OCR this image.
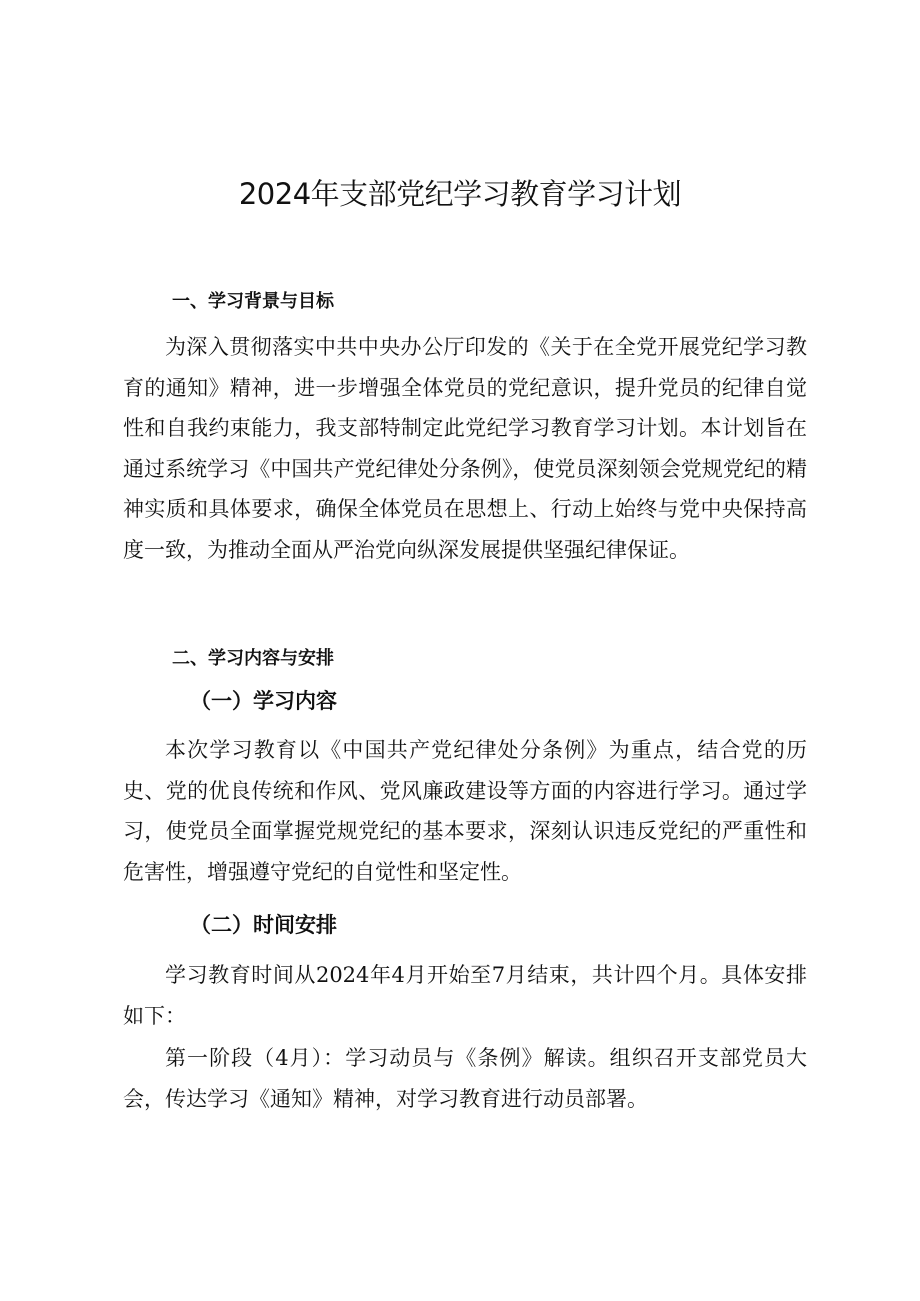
2024年支部党纪学习教育学习计划
一、学习背景与目标

为深入贯彻落实中共中央办公厅印发的《关于在全党开展党纪学习教育的通知》精神，进一步增强全体党员的党纪意识，提升党员的纪律自觉性和自我约束能力，我支部特制定此党纪学习教育学习计划。本计划旨在通过系统学习《中国共产党纪律处分条例》，使党员深刻领会党规党纪的精神实质和具体要求，确保全体党员在思想上、行动上始终与党中央保持高度一致，为推动全面从严治党向纵深发展提供坚强纪律保证。

二、学习内容与安排
（一）学习内容

本次学习教育以《中国共产党纪律处分条例》为重点，结合党的历史、党的优良传统和作风、党风廉政建设等方面的内容进行学习。通过学习，使党员全面掌握党规党纪的基本要求，深刻认识违反党纪的严重性和危害性，增强遵守党纪的自觉性和坚定性。

（二）时间安排

学习教育时间从2024年4月开始至7月结束，共计四个月。具体安排如下：

第一阶段（4月）：学习动员与《条例》解读。组织召开支部党员大会，传达学习《通知》精神，对学习教育进行动员部署。
